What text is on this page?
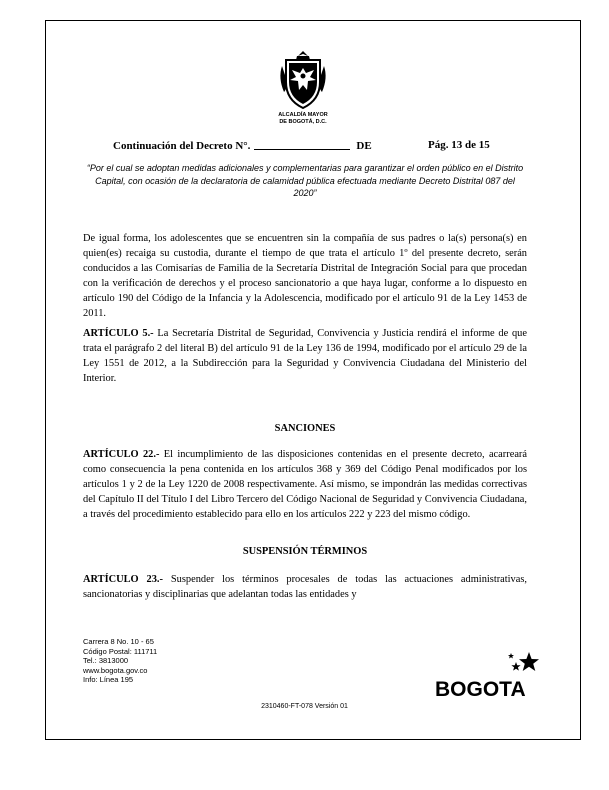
ALCALDÍA MAYOR
DE BOGOTÁ, D.C.
Continuación del Decreto N°.	DE	Pág. 13 de 15
“Por el cual se adoptan medidas adicionales y complementarias para garantizar el orden público en el Distrito Capital, con ocasión de la declaratoria de calamidad pública efectuada mediante Decreto Distrital 087 del 2020”

De igual forma, los adolescentes que se encuentren sin la compañía de sus padres o la(s) persona(s) en quien(es) recaiga su custodia, durante el tiempo de que trata el artículo 1º del presente decreto, serán conducidos a las Comisarías de Familia de la Secretaría Distrital de Integración Social para que procedan con la verificación de derechos y el proceso sancionatorio a que haya lugar, conforme a lo dispuesto en artículo 190 del Código de la Infancia y la Adolescencia, modificado por el artículo 91 de la Ley 1453 de 2011.

ARTÍCULO 5.- La Secretaría Distrital de Seguridad, Convivencia y Justicia rendirá el informe de que trata el parágrafo 2 del literal B) del artículo 91 de la Ley 136 de 1994, modificado por el artículo 29 de la Ley 1551 de 2012, a la Subdirección para la Seguridad y Convivencia Ciudadana del Ministerio del Interior.

SANCIONES

ARTÍCULO 22.- El incumplimiento de las disposiciones contenidas en el presente decreto, acarreará como consecuencia la pena contenida en los artículos 368 y 369 del Código Penal modificados por los artículos 1 y 2 de la Ley 1220 de 2008 respectivamente. Así mismo, se impondrán las medidas correctivas del Capítulo II del Título I del Libro Tercero del Código Nacional de Seguridad y Convivencia Ciudadana, a través del procedimiento establecido para ello en los artículos 222 y 223 del mismo código.

SUSPENSIÓN TÉRMINOS

ARTÍCULO 23.- Suspender los términos procesales de todas las actuaciones administrativas, sancionatorias y disciplinarias que adelantan todas las entidades y

Carrera 8 No. 10 - 65
Código Postal: 111711
Tel.: 3813000
www.bogota.gov.co
Info: Línea 195	BOGOTA
2310460-FT-078 Versión 01
